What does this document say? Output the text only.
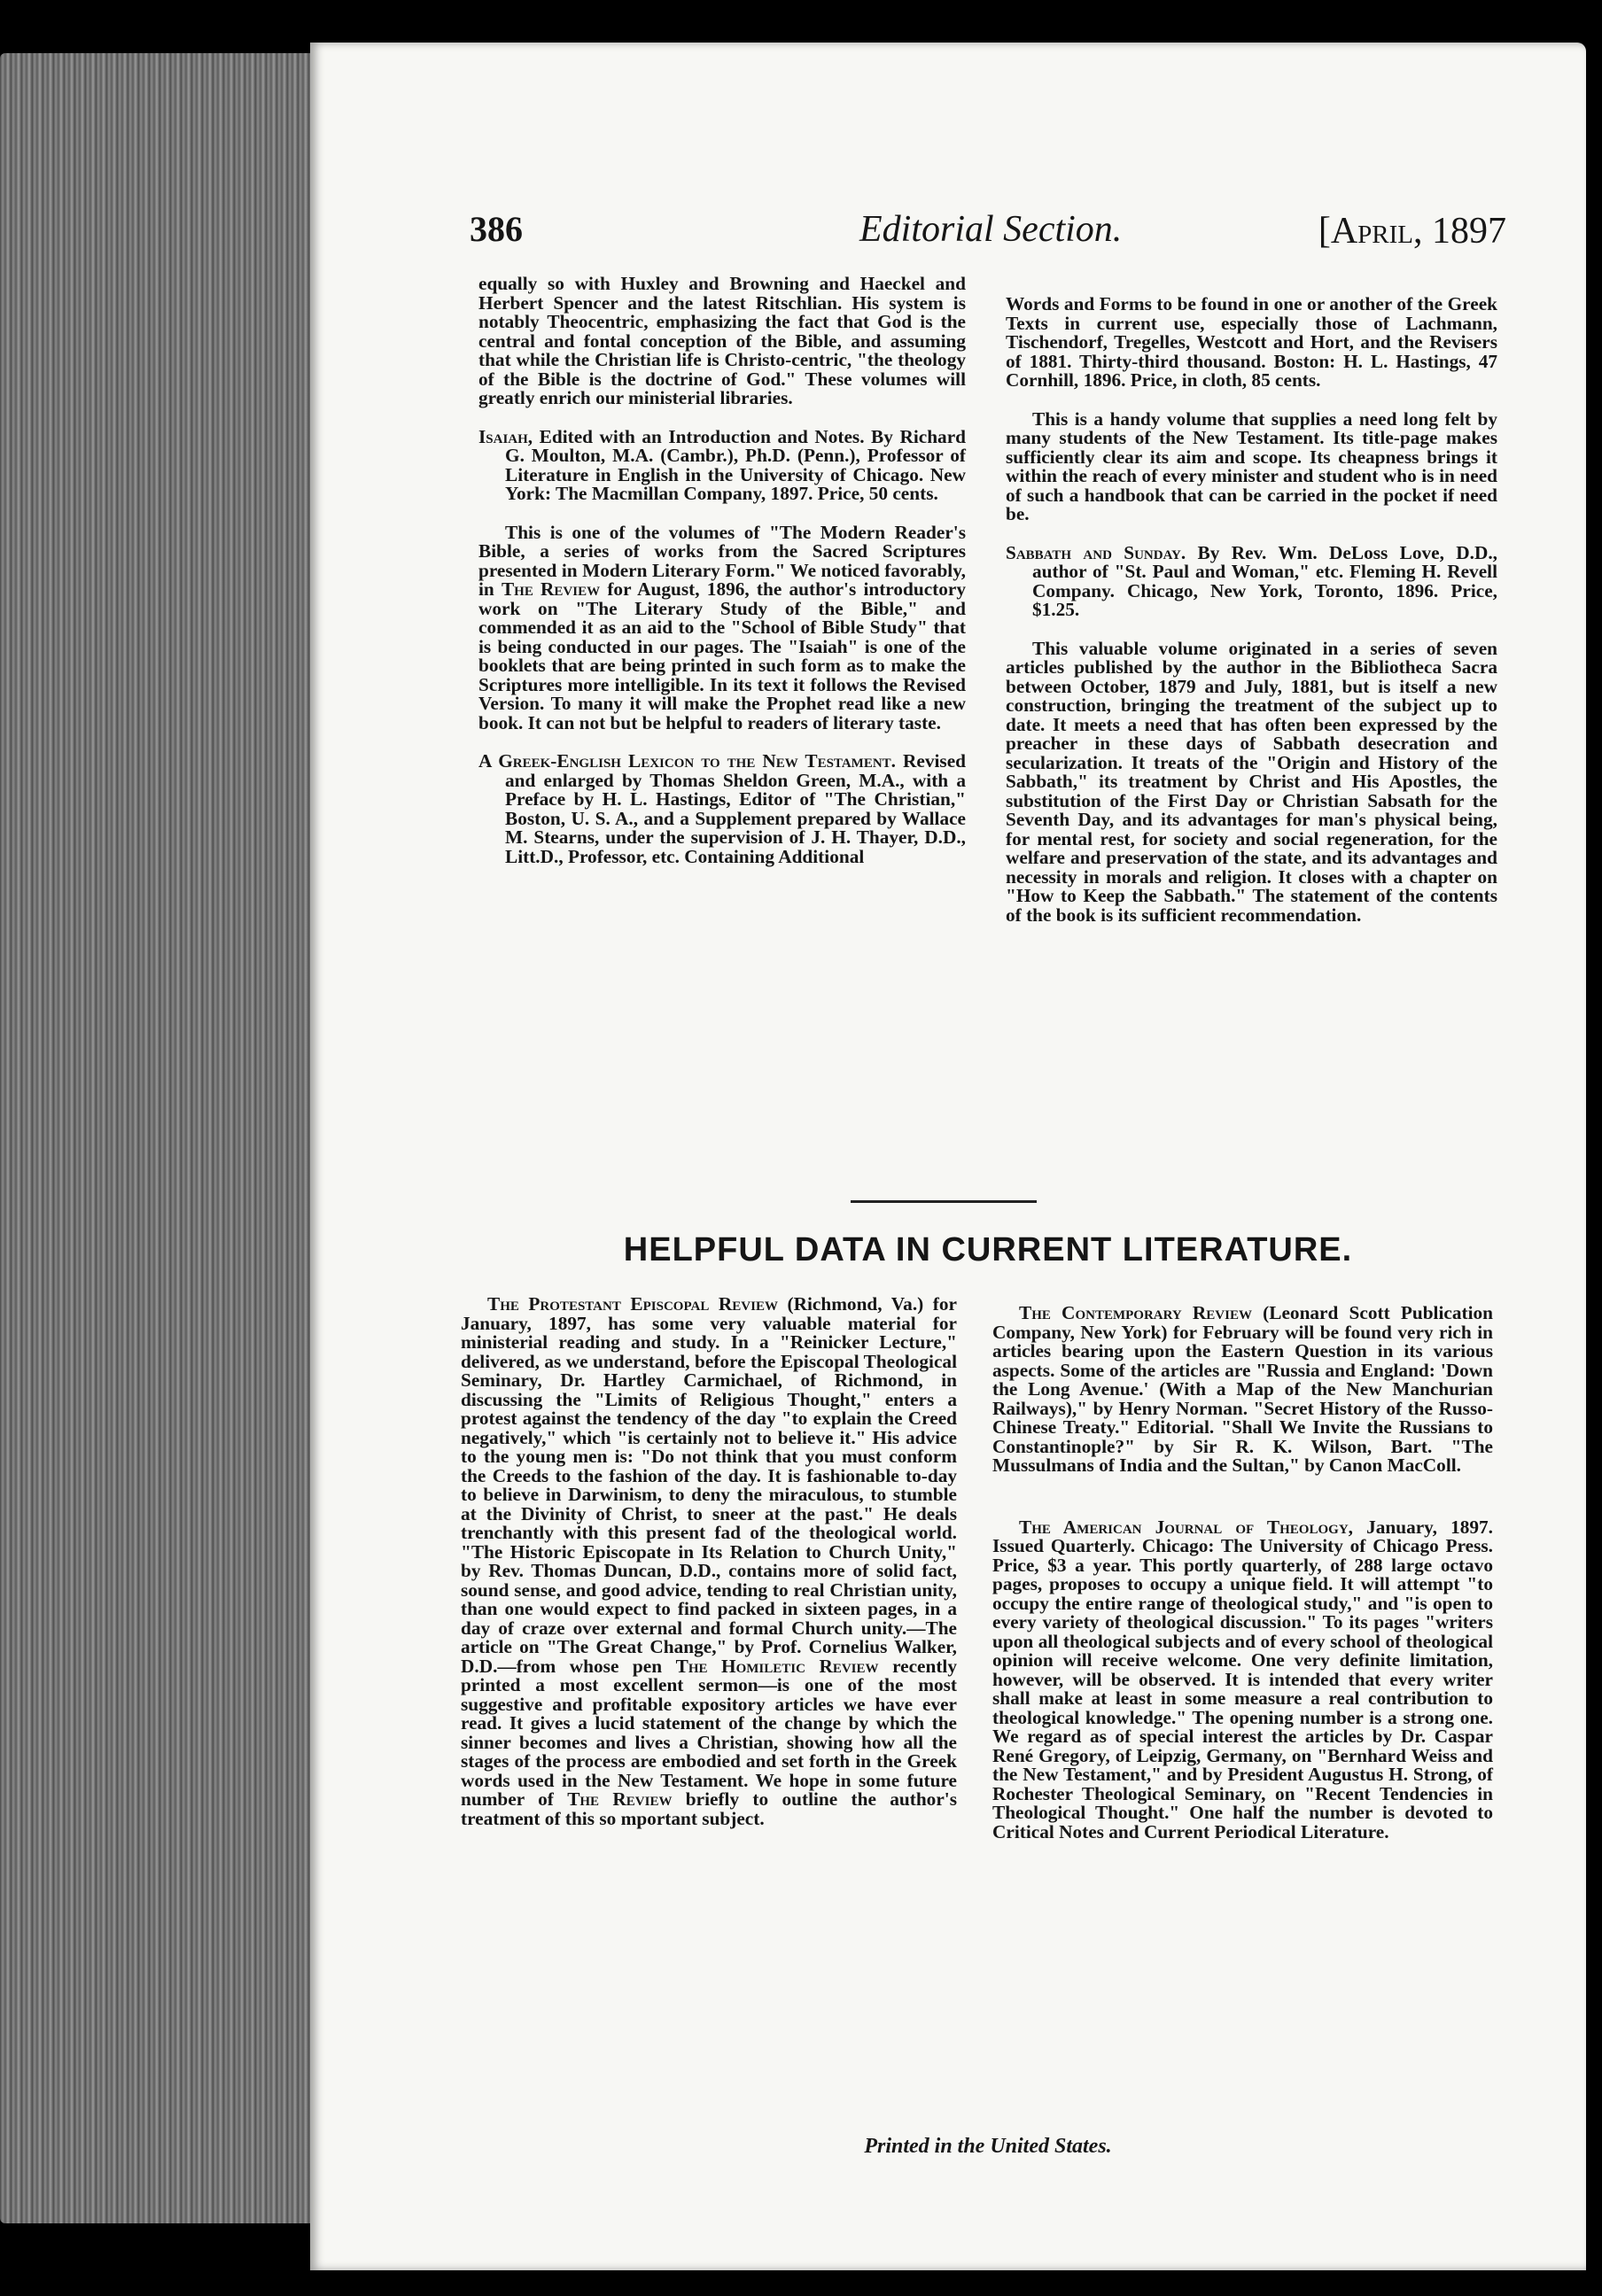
386	Editorial Section.	[April, 1897

equally so with Huxley and Browning and Haeckel and Herbert Spencer and the latest Ritschlian. His system is notably Theocentric, emphasizing the fact that God is the central and fontal conception of the Bible, and assuming that while the Christian life is Christo-centric, "the theology of the Bible is the doctrine of God." These volumes will greatly enrich our ministerial libraries.

Isaiah, Edited with an Introduction and Notes. By Richard G. Moulton, M.A. (Cambr.), Ph.D. (Penn.), Professor of Literature in English in the University of Chicago. New York: The Macmillan Company, 1897. Price, 50 cents.

This is one of the volumes of "The Modern Reader's Bible, a series of works from the Sacred Scriptures presented in Modern Literary Form." We noticed favorably, in The Review for August, 1896, the author's introductory work on "The Literary Study of the Bible," and commended it as an aid to the "School of Bible Study" that is being conducted in our pages. The "Isaiah" is one of the booklets that are being printed in such form as to make the Scriptures more intelligible. In its text it follows the Revised Version. To many it will make the Prophet read like a new book. It can not but be helpful to readers of literary taste.

A Greek-English Lexicon to the New Testament. Revised and enlarged by Thomas Sheldon Green, M.A., with a Preface by H. L. Hastings, Editor of "The Christian," Boston, U. S. A., and a Supplement prepared by Wallace M. Stearns, under the supervision of J. H. Thayer, D.D., Litt.D., Professor, etc. Containing Additional

Words and Forms to be found in one or another of the Greek Texts in current use, especially those of Lachmann, Tischendorf, Tregelles, Westcott and Hort, and the Revisers of 1881. Thirty-third thousand. Boston: H. L. Hastings, 47 Cornhill, 1896. Price, in cloth, 85 cents.

This is a handy volume that supplies a need long felt by many students of the New Testament. Its title-page makes sufficiently clear its aim and scope. Its cheapness brings it within the reach of every minister and student who is in need of such a handbook that can be carried in the pocket if need be.

Sabbath and Sunday. By Rev. Wm. DeLoss Love, D.D., author of "St. Paul and Woman," etc. Fleming H. Revell Company. Chicago, New York, Toronto, 1896. Price, $1.25.

This valuable volume originated in a series of seven articles published by the author in the Bibliotheca Sacra between October, 1879 and July, 1881, but is itself a new construction, bringing the treatment of the subject up to date. It meets a need that has often been expressed by the preacher in these days of Sabbath desecration and secularization. It treats of the "Origin and History of the Sabbath," its treatment by Christ and His Apostles, the substitution of the First Day or Christian Sabsath for the Seventh Day, and its advantages for man's physical being, for mental rest, for society and social regeneration, for the welfare and preservation of the state, and its advantages and necessity in morals and religion. It closes with a chapter on "How to Keep the Sabbath." The statement of the contents of the book is its sufficient recommendation.

HELPFUL DATA IN CURRENT LITERATURE.

The Protestant Episcopal Review (Richmond, Va.) for January, 1897, has some very valuable material for ministerial reading and study. In a "Reinicker Lecture," delivered, as we understand, before the Episcopal Theological Seminary, Dr. Hartley Carmichael, of Richmond, in discussing the "Limits of Religious Thought," enters a protest against the tendency of the day "to explain the Creed negatively," which "is certainly not to believe it." His advice to the young men is: "Do not think that you must conform the Creeds to the fashion of the day. It is fashionable to-day to believe in Darwinism, to deny the miraculous, to stumble at the Divinity of Christ, to sneer at the past." He deals trenchantly with this present fad of the theological world. "The Historic Episcopate in Its Relation to Church Unity," by Rev. Thomas Duncan, D.D., contains more of solid fact, sound sense, and good advice, tending to real Christian unity, than one would expect to find packed in sixteen pages, in a day of craze over external and formal Church unity.—The article on "The Great Change," by Prof. Cornelius Walker, D.D.—from whose pen The Homiletic Review recently printed a most excellent sermon—is one of the most suggestive and profitable expository articles we have ever read. It gives a lucid statement of the change by which the sinner becomes and lives a Christian, showing how all the stages of the process are embodied and set forth in the Greek words used in the New Testament. We hope in some future number of The Review briefly to outline the author's treatment of this so mportant subject.

The Contemporary Review (Leonard Scott Publication Company, New York) for February will be found very rich in articles bearing upon the Eastern Question in its various aspects. Some of the articles are "Russia and England: 'Down the Long Avenue.' (With a Map of the New Manchurian Railways)," by Henry Norman. "Secret History of the Russo-Chinese Treaty." Editorial. "Shall We Invite the Russians to Constantinople?" by Sir R. K. Wilson, Bart. "The Mussulmans of India and the Sultan," by Canon MacColl.

The American Journal of Theology, January, 1897. Issued Quarterly. Chicago: The University of Chicago Press. Price, $3 a year. This portly quarterly, of 288 large octavo pages, proposes to occupy a unique field. It will attempt "to occupy the entire range of theological study," and "is open to every variety of theological discussion." To its pages "writers upon all theological subjects and of every school of theological opinion will receive welcome. One very definite limitation, however, will be observed. It is intended that every writer shall make at least in some measure a real contribution to theological knowledge." The opening number is a strong one. We regard as of special interest the articles by Dr. Caspar René Gregory, of Leipzig, Germany, on "Bernhard Weiss and the New Testament," and by President Augustus H. Strong, of Rochester Theological Seminary, on "Recent Tendencies in Theological Thought." One half the number is devoted to Critical Notes and Current Periodical Literature.

Printed in the United States.
